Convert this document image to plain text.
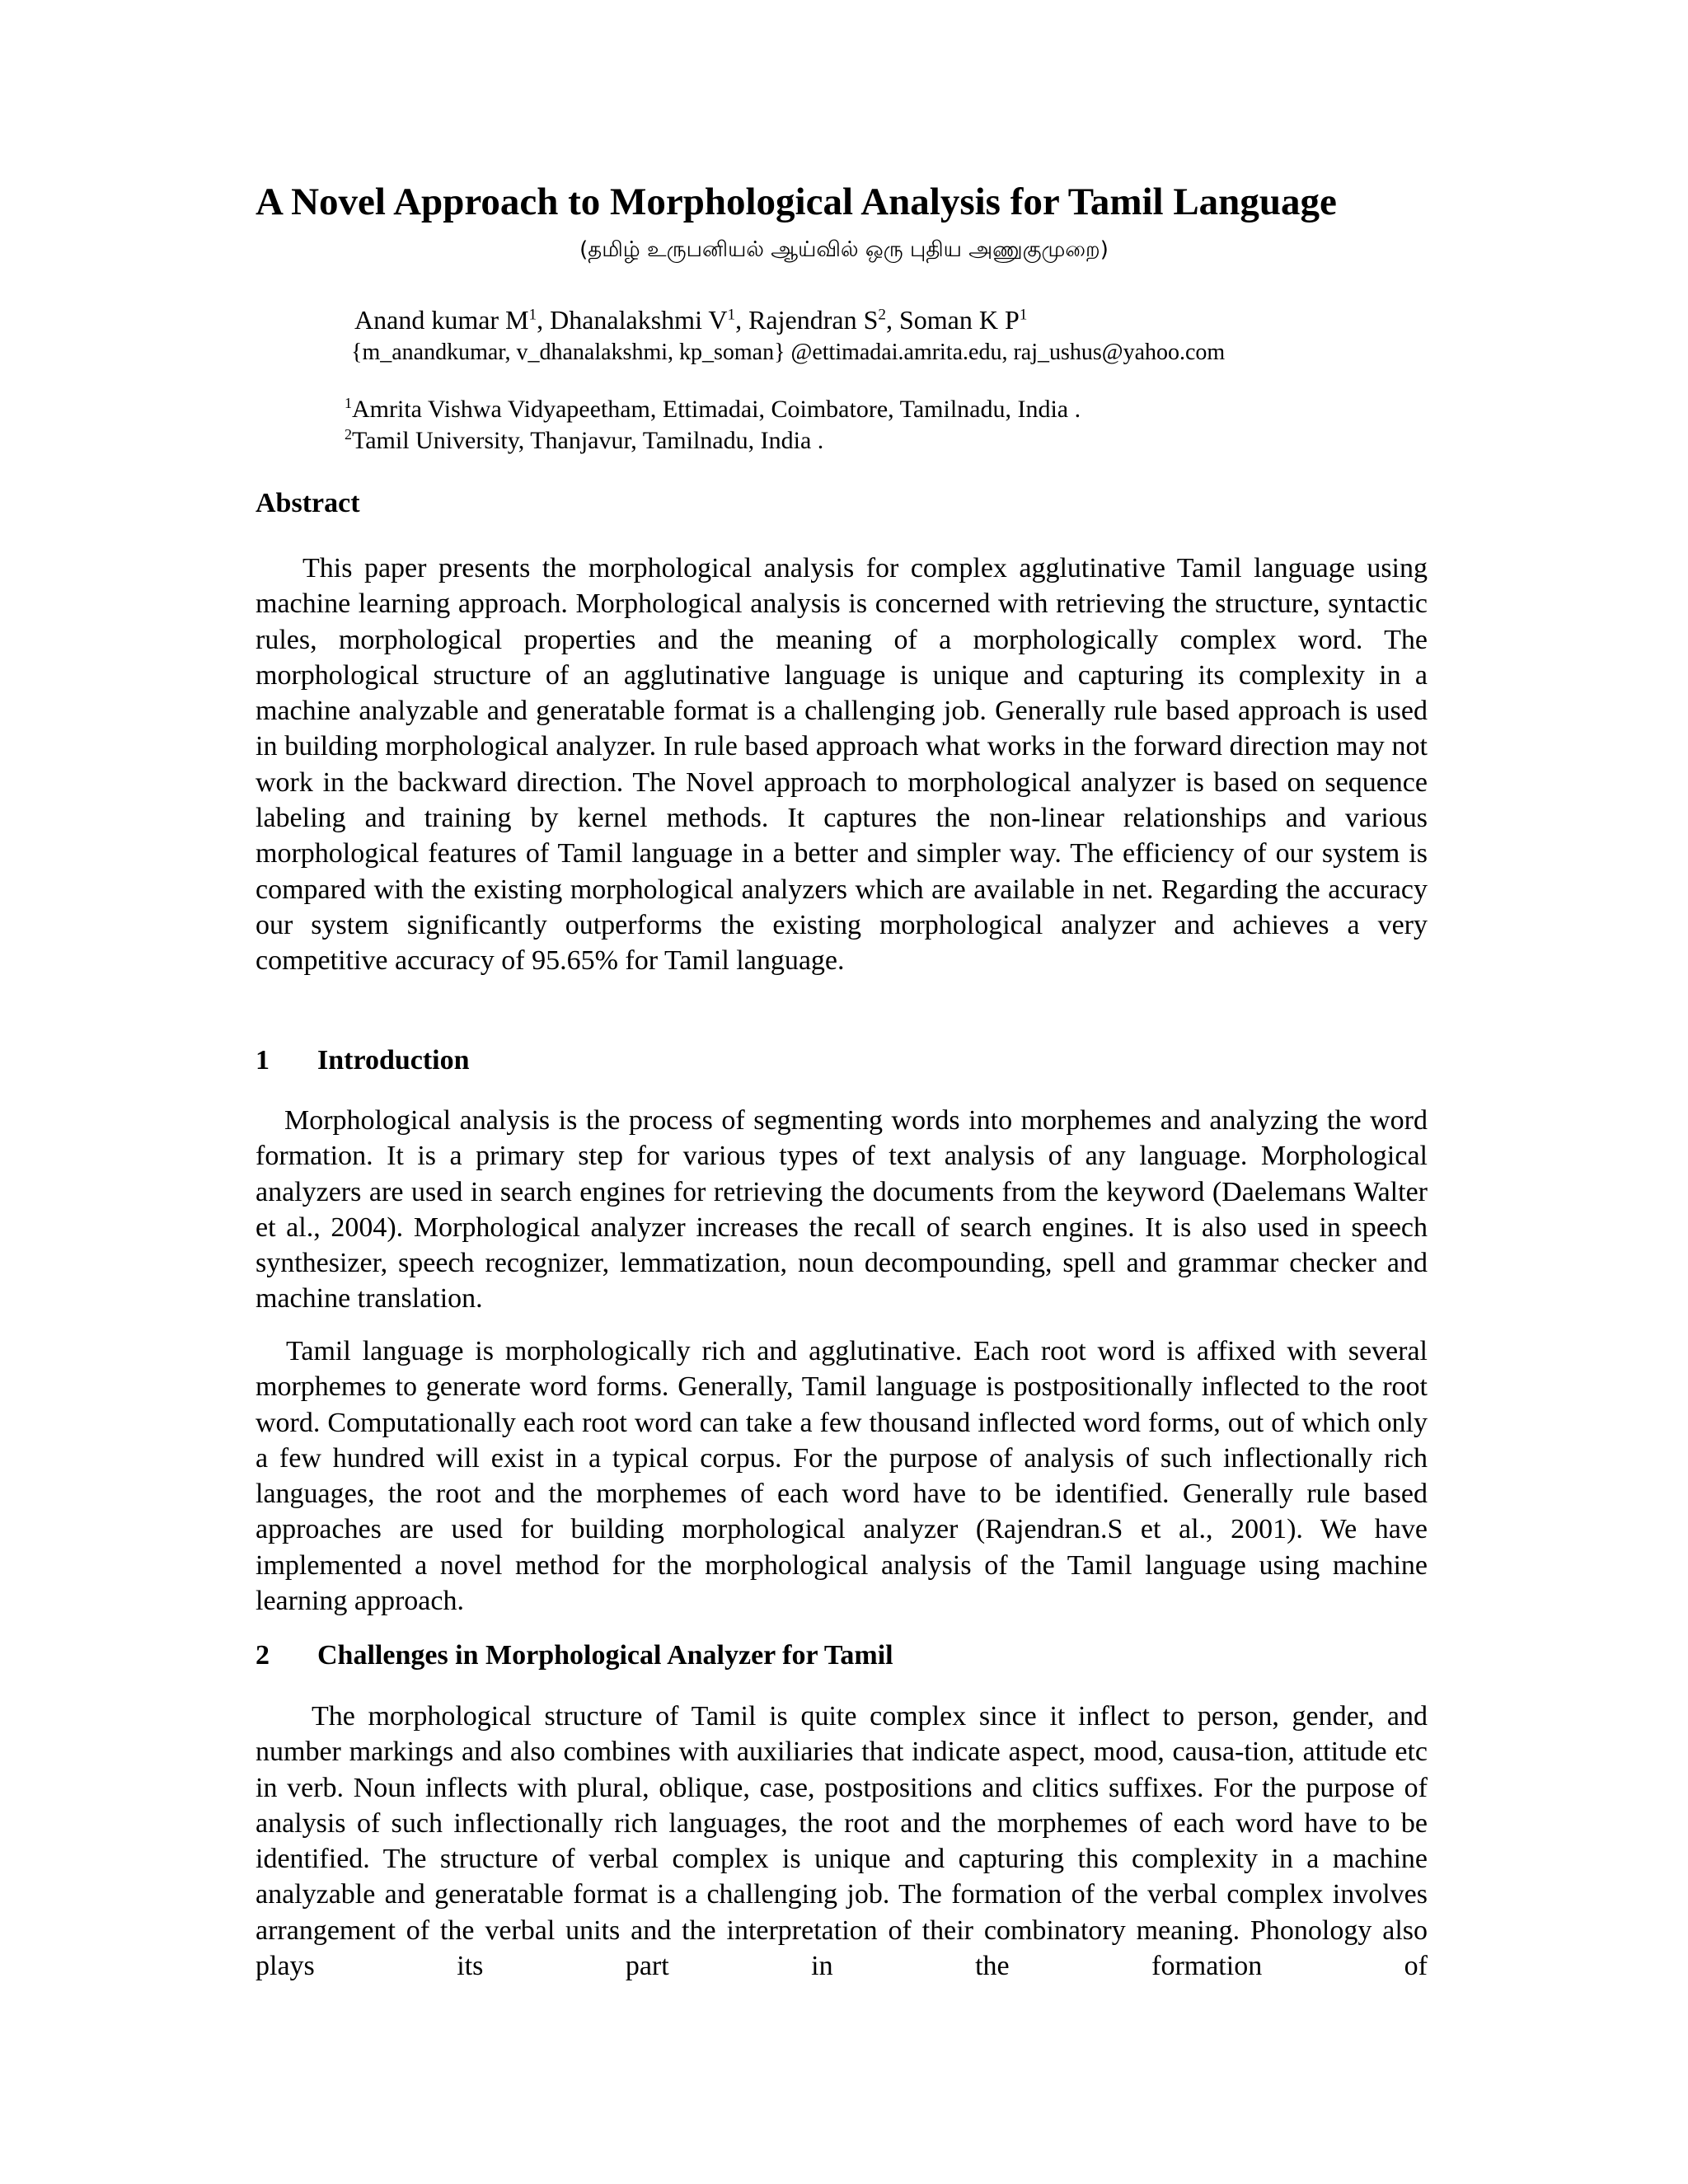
A Novel Approach to Morphological Analysis for Tamil Language
(தமிழ் உருபனியல் ஆய்வில் ஒரு புதிய அணுகுமுறை)
Anand kumar $M^1$, Dhanalakshmi $V^1$, Rajendran $S^2$, Soman K $P^1$
{m_anandkumar, v_dhanalakshmi, kp_soman} @ettimadai.amrita.edu, raj_ushus@yahoo.com
$^1$Amrita Vishwa Vidyapeetham, Ettimadai, Coimbatore, Tamilnadu, India .
$^2$Tamil University, Thanjavur, Tamilnadu, India .
Abstract
This paper presents the morphological analysis for complex agglutinative Tamil language using machine learning approach. Morphological analysis is concerned with retrieving the structure, syntactic rules, morphological properties and the meaning of a morphologically complex word. The morphological structure of an agglutinative language is unique and capturing its complexity in a machine analyzable and generatable format is a challenging job. Generally rule based approach is used in building morphological analyzer. In rule based approach what works in the forward direction may not work in the backward direction. The Novel approach to morphological analyzer is based on sequence labeling and training by kernel methods. It captures the non-linear relationships and various morphological features of Tamil language in a better and simpler way. The efficiency of our system is compared with the existing morphological analyzers which are available in net. Regarding the accuracy our system significantly outperforms the existing morphological analyzer and achieves a very competitive accuracy of 95.65% for Tamil language.
1 Introduction
Morphological analysis is the process of segmenting words into morphemes and analyzing the word formation. It is a primary step for various types of text analysis of any language. Morphological analyzers are used in search engines for retrieving the documents from the keyword (Daelemans Walter et al., 2004). Morphological analyzer increases the recall of search engines. It is also used in speech synthesizer, speech recognizer, lemmatization, noun decompounding, spell and grammar checker and machine translation.
Tamil language is morphologically rich and agglutinative. Each root word is affixed with several morphemes to generate word forms. Generally, Tamil language is postpositionally inflected to the root word. Computationally each root word can take a few thousand inflected word forms, out of which only a few hundred will exist in a typical corpus. For the purpose of analysis of such inflectionally rich languages, the root and the morphemes of each word have to be identified. Generally rule based approaches are used for building morphological analyzer (Rajendran.S et al., 2001). We have implemented a novel method for the morphological analysis of the Tamil language using machine learning approach.
2 Challenges in Morphological Analyzer for Tamil
The morphological structure of Tamil is quite complex since it inflect to person, gender, and number markings and also combines with auxiliaries that indicate aspect, mood, causa-tion, attitude etc in verb. Noun inflects with plural, oblique, case, postpositions and clitics suffixes. For the purpose of analysis of such inflectionally rich languages, the root and the morphemes of each word have to be identified. The structure of verbal complex is unique and capturing this complexity in a machine analyzable and generatable format is a challenging job. The formation of the verbal complex involves arrangement of the verbal units and the interpretation of their combinatory meaning. Phonology also plays its part in the formation of
